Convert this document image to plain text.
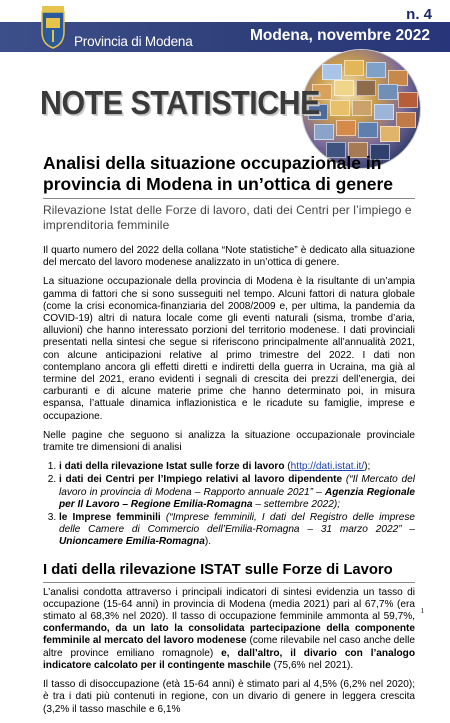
Provincia di Modena
n. 4
Modena, novembre 2022
NOTE STATISTICHE
Analisi della situazione occupazionale in provincia di Modena in un’ottica di genere
Rilevazione Istat delle Forze di lavoro, dati dei Centri per l’impiego e imprenditoria femminile

Il quarto numero del 2022 della collana “Note statistiche” è dedicato alla situazione del mercato del lavoro modenese analizzato in un’ottica di genere.

La situazione occupazionale della provincia di Modena è la risultante di un’ampia gamma di fattori che si sono susseguiti nel tempo. Alcuni fattori di natura globale (come la crisi economica-finanziaria del 2008/2009 e, per ultima, la pandemia da COVID-19) altri di natura locale come gli eventi naturali (sisma, trombe d’aria, alluvioni) che hanno interessato porzioni del territorio modenese. I dati provinciali presentati nella sintesi che segue si riferiscono principalmente all’annualità 2021, con alcune anticipazioni relative al primo trimestre del 2022. I dati non contemplano ancora gli effetti diretti e indiretti della guerra in Ucraina, ma già al termine del 2021, erano evidenti i segnali di crescita dei prezzi dell’energia, dei carburanti e di alcune materie prime che hanno determinato poi, in misura espansa, l’attuale dinamica inflazionistica e le ricadute su famiglie, imprese e occupazione.

Nelle pagine che seguono si analizza la situazione occupazionale provinciale tramite tre dimensioni di analisi

1. i dati della rilevazione Istat sulle forze di lavoro (http://dati.istat.it/);
2. i dati dei Centri per l’Impiego relativi al lavoro dipendente (“Il Mercato del lavoro in provincia di Modena – Rapporto annuale 2021” – Agenzia Regionale per Il Lavoro – Regione Emilia-Romagna – settembre 2022);
3. le Imprese femminili (“Imprese femminili, I dati del Registro delle imprese delle Camere di Commercio dell’Emilia-Romagna – 31 marzo 2022” – Unioncamere Emilia-Romagna).
I dati della rilevazione ISTAT sulle Forze di Lavoro

L’analisi condotta attraverso i principali indicatori di sintesi evidenzia un tasso di occupazione (15-64 anni) in provincia di Modena (media 2021) pari al 67,7% (era stimato al 68,3% nel 2020). Il tasso di occupazione femminile ammonta al 59,7%, confermando, da un lato la consolidata partecipazione della componente femminile al mercato del lavoro modenese (come rilevabile nel caso anche delle altre province emiliano romagnole) e, dall’altro, il divario con l’analogo indicatore calcolato per il contingente maschile (75,6% nel 2021).

Il tasso di disoccupazione (età 15-64 anni) è stimato pari al 4,5% (6,2% nel 2020); è tra i dati più contenuti in regione, con un divario di genere in leggera crescita (3,2% il tasso maschile e 6,1%

1
